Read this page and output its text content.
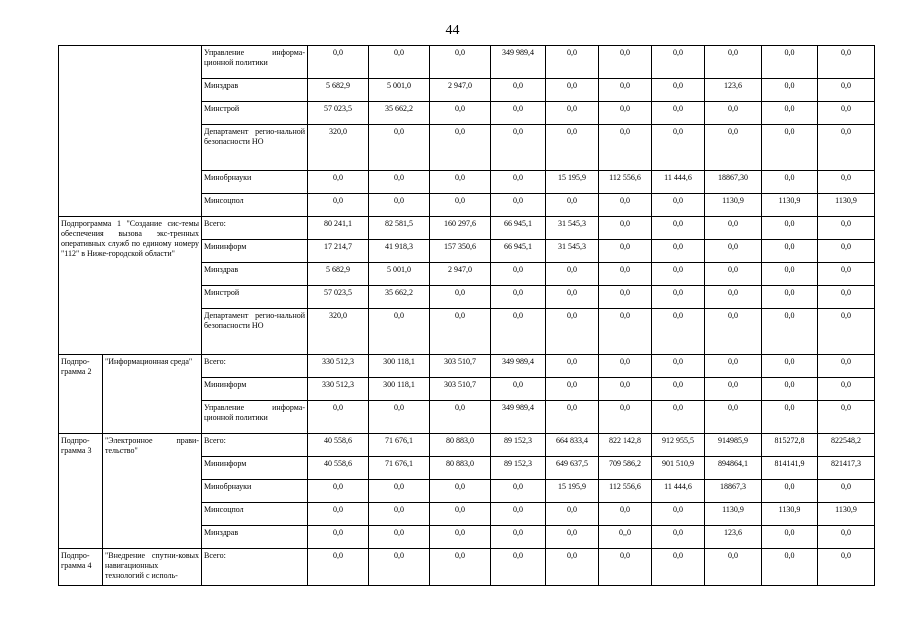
44
		Управление информа-ционной политики	0,0	0,0	0,0	349 989,4	0,0	0,0	0,0	0,0	0,0	0,0
		Минздрав	5 682,9	5 001,0	2 947,0	0,0	0,0	0,0	0,0	123,6	0,0	0,0
		Минстрой	57 023,5	35 662,2	0,0	0,0	0,0	0,0	0,0	0,0	0,0	0,0
		Департамент регио-нальной безопасности НО	320,0	0,0	0,0	0,0	0,0	0,0	0,0	0,0	0,0	0,0
		Минобрнауки	0,0	0,0	0,0	0,0	15 195,9	112 556,6	11 444,6	18867,30	0,0	0,0
		Минсоцпол	0,0	0,0	0,0	0,0	0,0	0,0	0,0	1130,9	1130,9	1130,9
Подпрограмма 1 "Создание сис-темы обеспечения вызова экс-тренных оперативных служб по единому номеру "112" в Ниже-городской области"		Всего:	80 241,1	82 581,5	160 297,6	66 945,1	31 545,3	0,0	0,0	0,0	0,0	0,0
		Мининформ	17 214,7	41 918,3	157 350,6	66 945,1	31 545,3	0,0	0,0	0,0	0,0	0,0
		Минздрав	5 682,9	5 001,0	2 947,0	0,0	0,0	0,0	0,0	0,0	0,0	0,0
		Минстрой	57 023,5	35 662,2	0,0	0,0	0,0	0,0	0,0	0,0	0,0	0,0
		Департамент регио-нальной безопасности НО	320,0	0,0	0,0	0,0	0,0	0,0	0,0	0,0	0,0	0,0
Подпро-грамма 2	"Информационная среда"	Всего:	330 512,3	300 118,1	303 510,7	349 989,4	0,0	0,0	0,0	0,0	0,0	0,0
		Мининформ	330 512,3	300 118,1	303 510,7	0,0	0,0	0,0	0,0	0,0	0,0	0,0
		Управление информа-ционной политики	0,0	0,0	0,0	349 989,4	0,0	0,0	0,0	0,0	0,0	0,0
Подпро-грамма 3	"Электронное прави-тельство"	Всего:	40 558,6	71 676,1	80 883,0	89 152,3	664 833,4	822 142,8	912 955,5	914985,9	815272,8	822548,2
		Мининформ	40 558,6	71 676,1	80 883,0	89 152,3	649 637,5	709 586,2	901 510,9	894864,1	814141,9	821417,3
		Минобрнауки	0,0	0,0	0,0	0,0	15 195,9	112 556,6	11 444,6	18867,3	0,0	0,0
		Минсоцпол	0,0	0,0	0,0	0,0	0,0	0,0	0,0	1130,9	1130,9	1130,9
		Минздрав	0,0	0,0	0,0	0,0	0,0	0,,0	0,0	123,6	0,0	0,0
Подпро-грамма 4	"Внедрение спутни-ковых навигационных технологий с исполь-	Всего:	0,0	0,0	0,0	0,0	0,0	0,0	0,0	0,0	0,0	0,0
